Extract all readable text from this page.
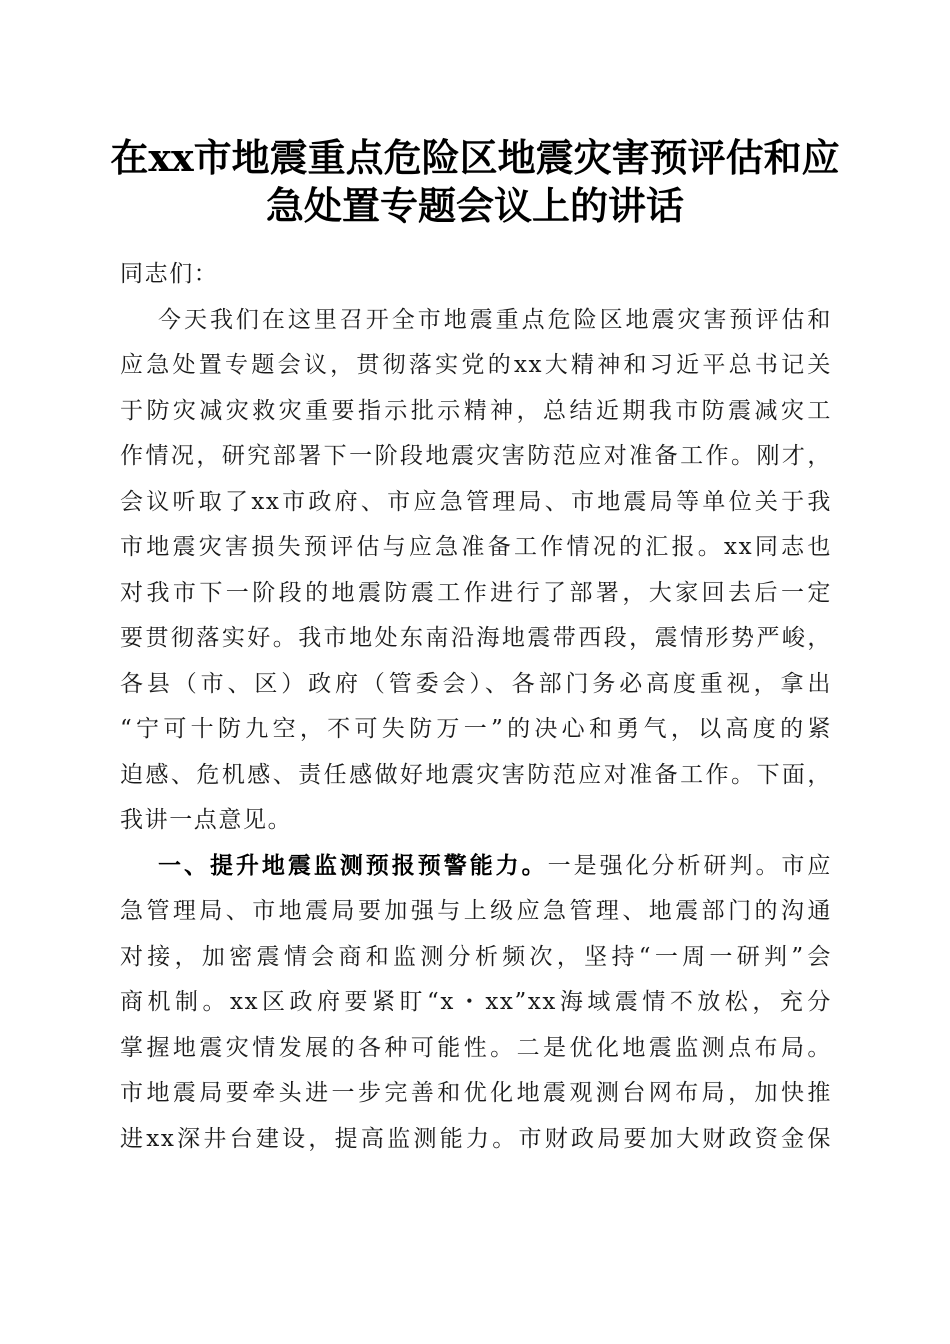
在xx市地震重点危险区地震灾害预评估和应
急处置专题会议上的讲话
同志们：
今天我们在这里召开全市地震重点危险区地震灾害预评估和
应急处置专题会议，贯彻落实党的xx大精神和习近平总书记关
于防灾减灾救灾重要指示批示精神，总结近期我市防震减灾工
作情况，研究部署下一阶段地震灾害防范应对准备工作。刚才，
会议听取了xx市政府、市应急管理局、市地震局等单位关于我
市地震灾害损失预评估与应急准备工作情况的汇报。xx同志也
对我市下一阶段的地震防震工作进行了部署，大家回去后一定
要贯彻落实好。我市地处东南沿海地震带西段，震情形势严峻，
各县（市、区）政府（管委会）、各部门务必高度重视，拿出
“宁可十防九空，不可失防万一”的决心和勇气，以高度的紧
迫感、危机感、责任感做好地震灾害防范应对准备工作。下面，
我讲一点意见。
一、提升地震监测预报预警能力。一是强化分析研判。市应
急管理局、市地震局要加强与上级应急管理、地震部门的沟通
对接，加密震情会商和监测分析频次，坚持“一周一研判”会
商机制。xx区政府要紧盯“x・xx”xx海域震情不放松，充分
掌握地震灾情发展的各种可能性。二是优化地震监测点布局。
市地震局要牵头进一步完善和优化地震观测台网布局，加快推
进xx深井台建设，提高监测能力。市财政局要加大财政资金保
